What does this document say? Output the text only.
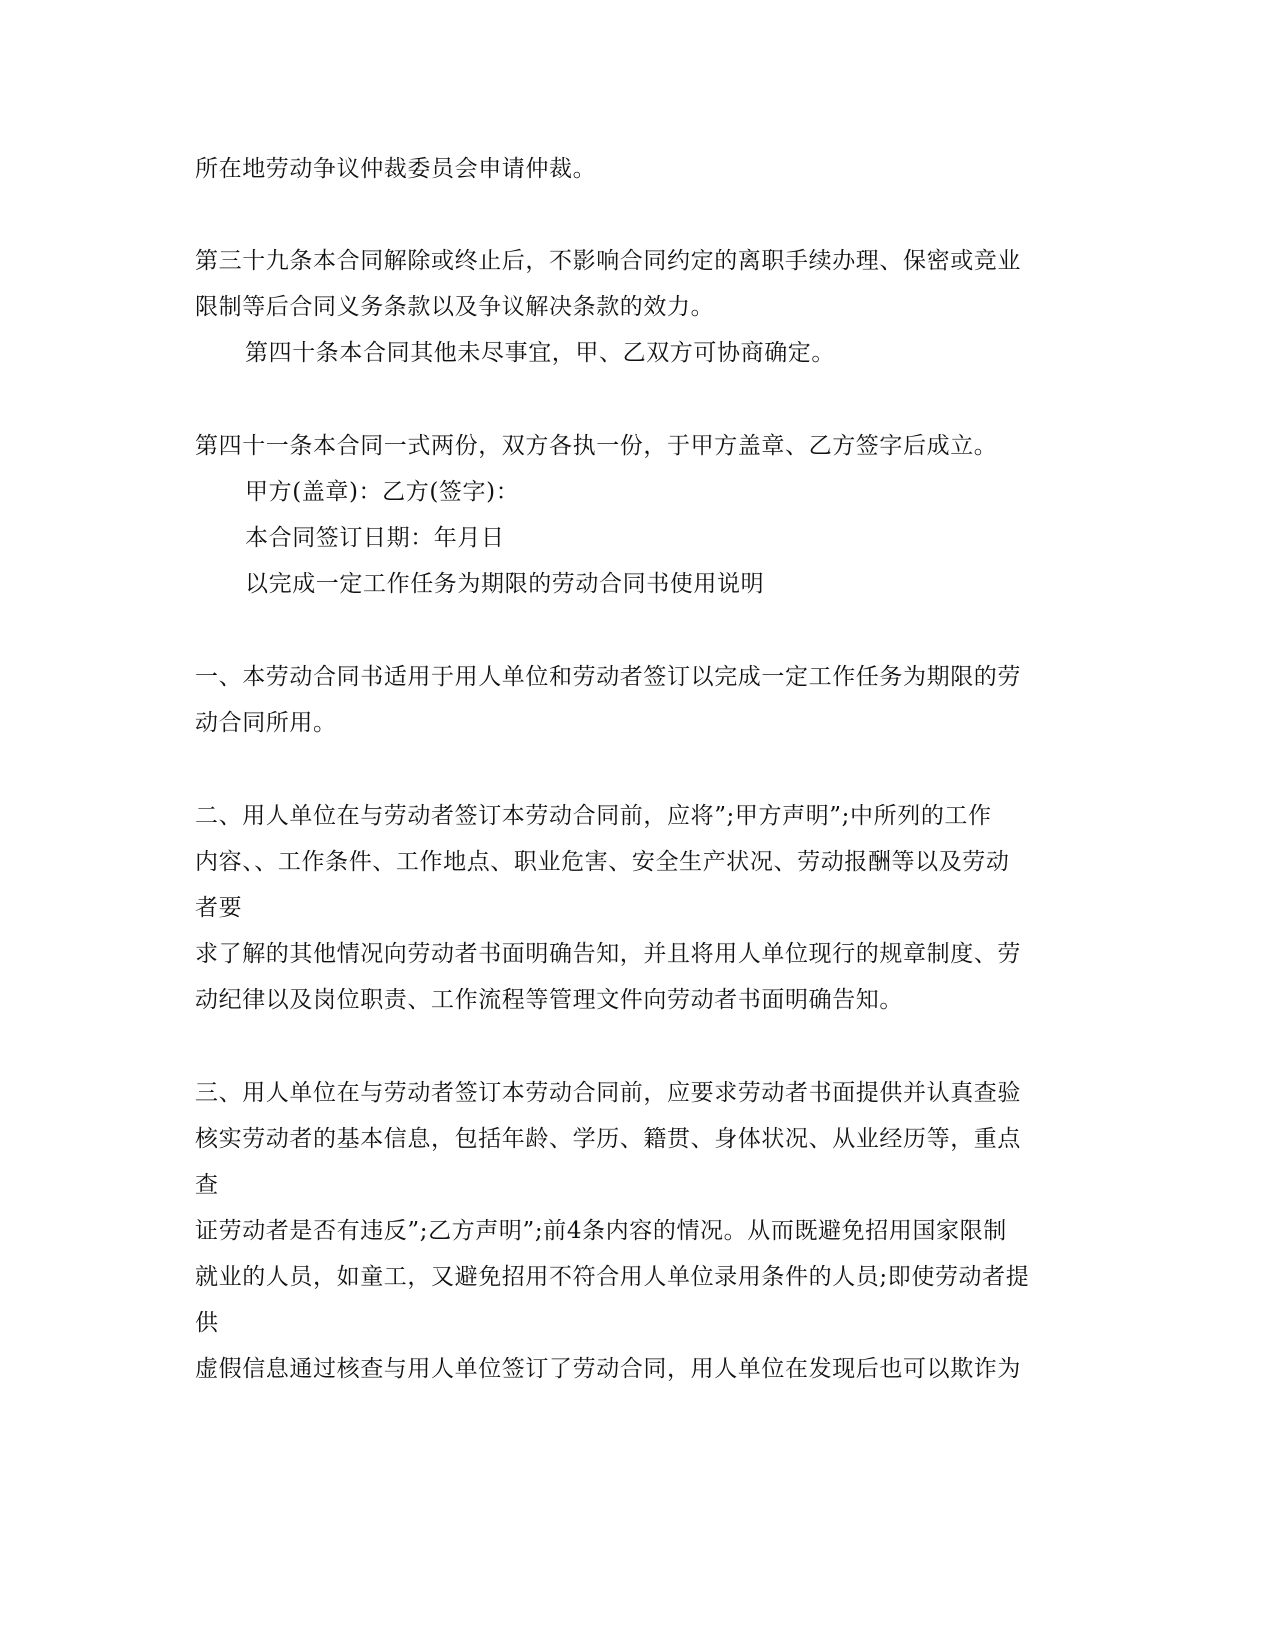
所在地劳动争议仲裁委员会申请仲裁。
第三十九条本合同解除或终止后，不影响合同约定的离职手续办理、保密或竞业
限制等后合同义务条款以及争议解决条款的效力。
第四十条本合同其他未尽事宜，甲、乙双方可协商确定。
第四十一条本合同一式两份，双方各执一份，于甲方盖章、乙方签字后成立。
甲方(盖章)：乙方(签字)：
本合同签订日期：年月日
以完成一定工作任务为期限的劳动合同书使用说明
一、本劳动合同书适用于用人单位和劳动者签订以完成一定工作任务为期限的劳
动合同所用。
二、用人单位在与劳动者签订本劳动合同前，应将”;甲方声明”;中所列的工作
内容、、工作条件、工作地点、职业危害、安全生产状况、劳动报酬等以及劳动
者要
求了解的其他情况向劳动者书面明确告知，并且将用人单位现行的规章制度、劳
动纪律以及岗位职责、工作流程等管理文件向劳动者书面明确告知。
三、用人单位在与劳动者签订本劳动合同前，应要求劳动者书面提供并认真查验
核实劳动者的基本信息，包括年龄、学历、籍贯、身体状况、从业经历等，重点
查
证劳动者是否有违反”;乙方声明”;前4条内容的情况。从而既避免招用国家限制
就业的人员，如童工，又避免招用不符合用人单位录用条件的人员;即使劳动者提
供
虚假信息通过核查与用人单位签订了劳动合同，用人单位在发现后也可以欺诈为
